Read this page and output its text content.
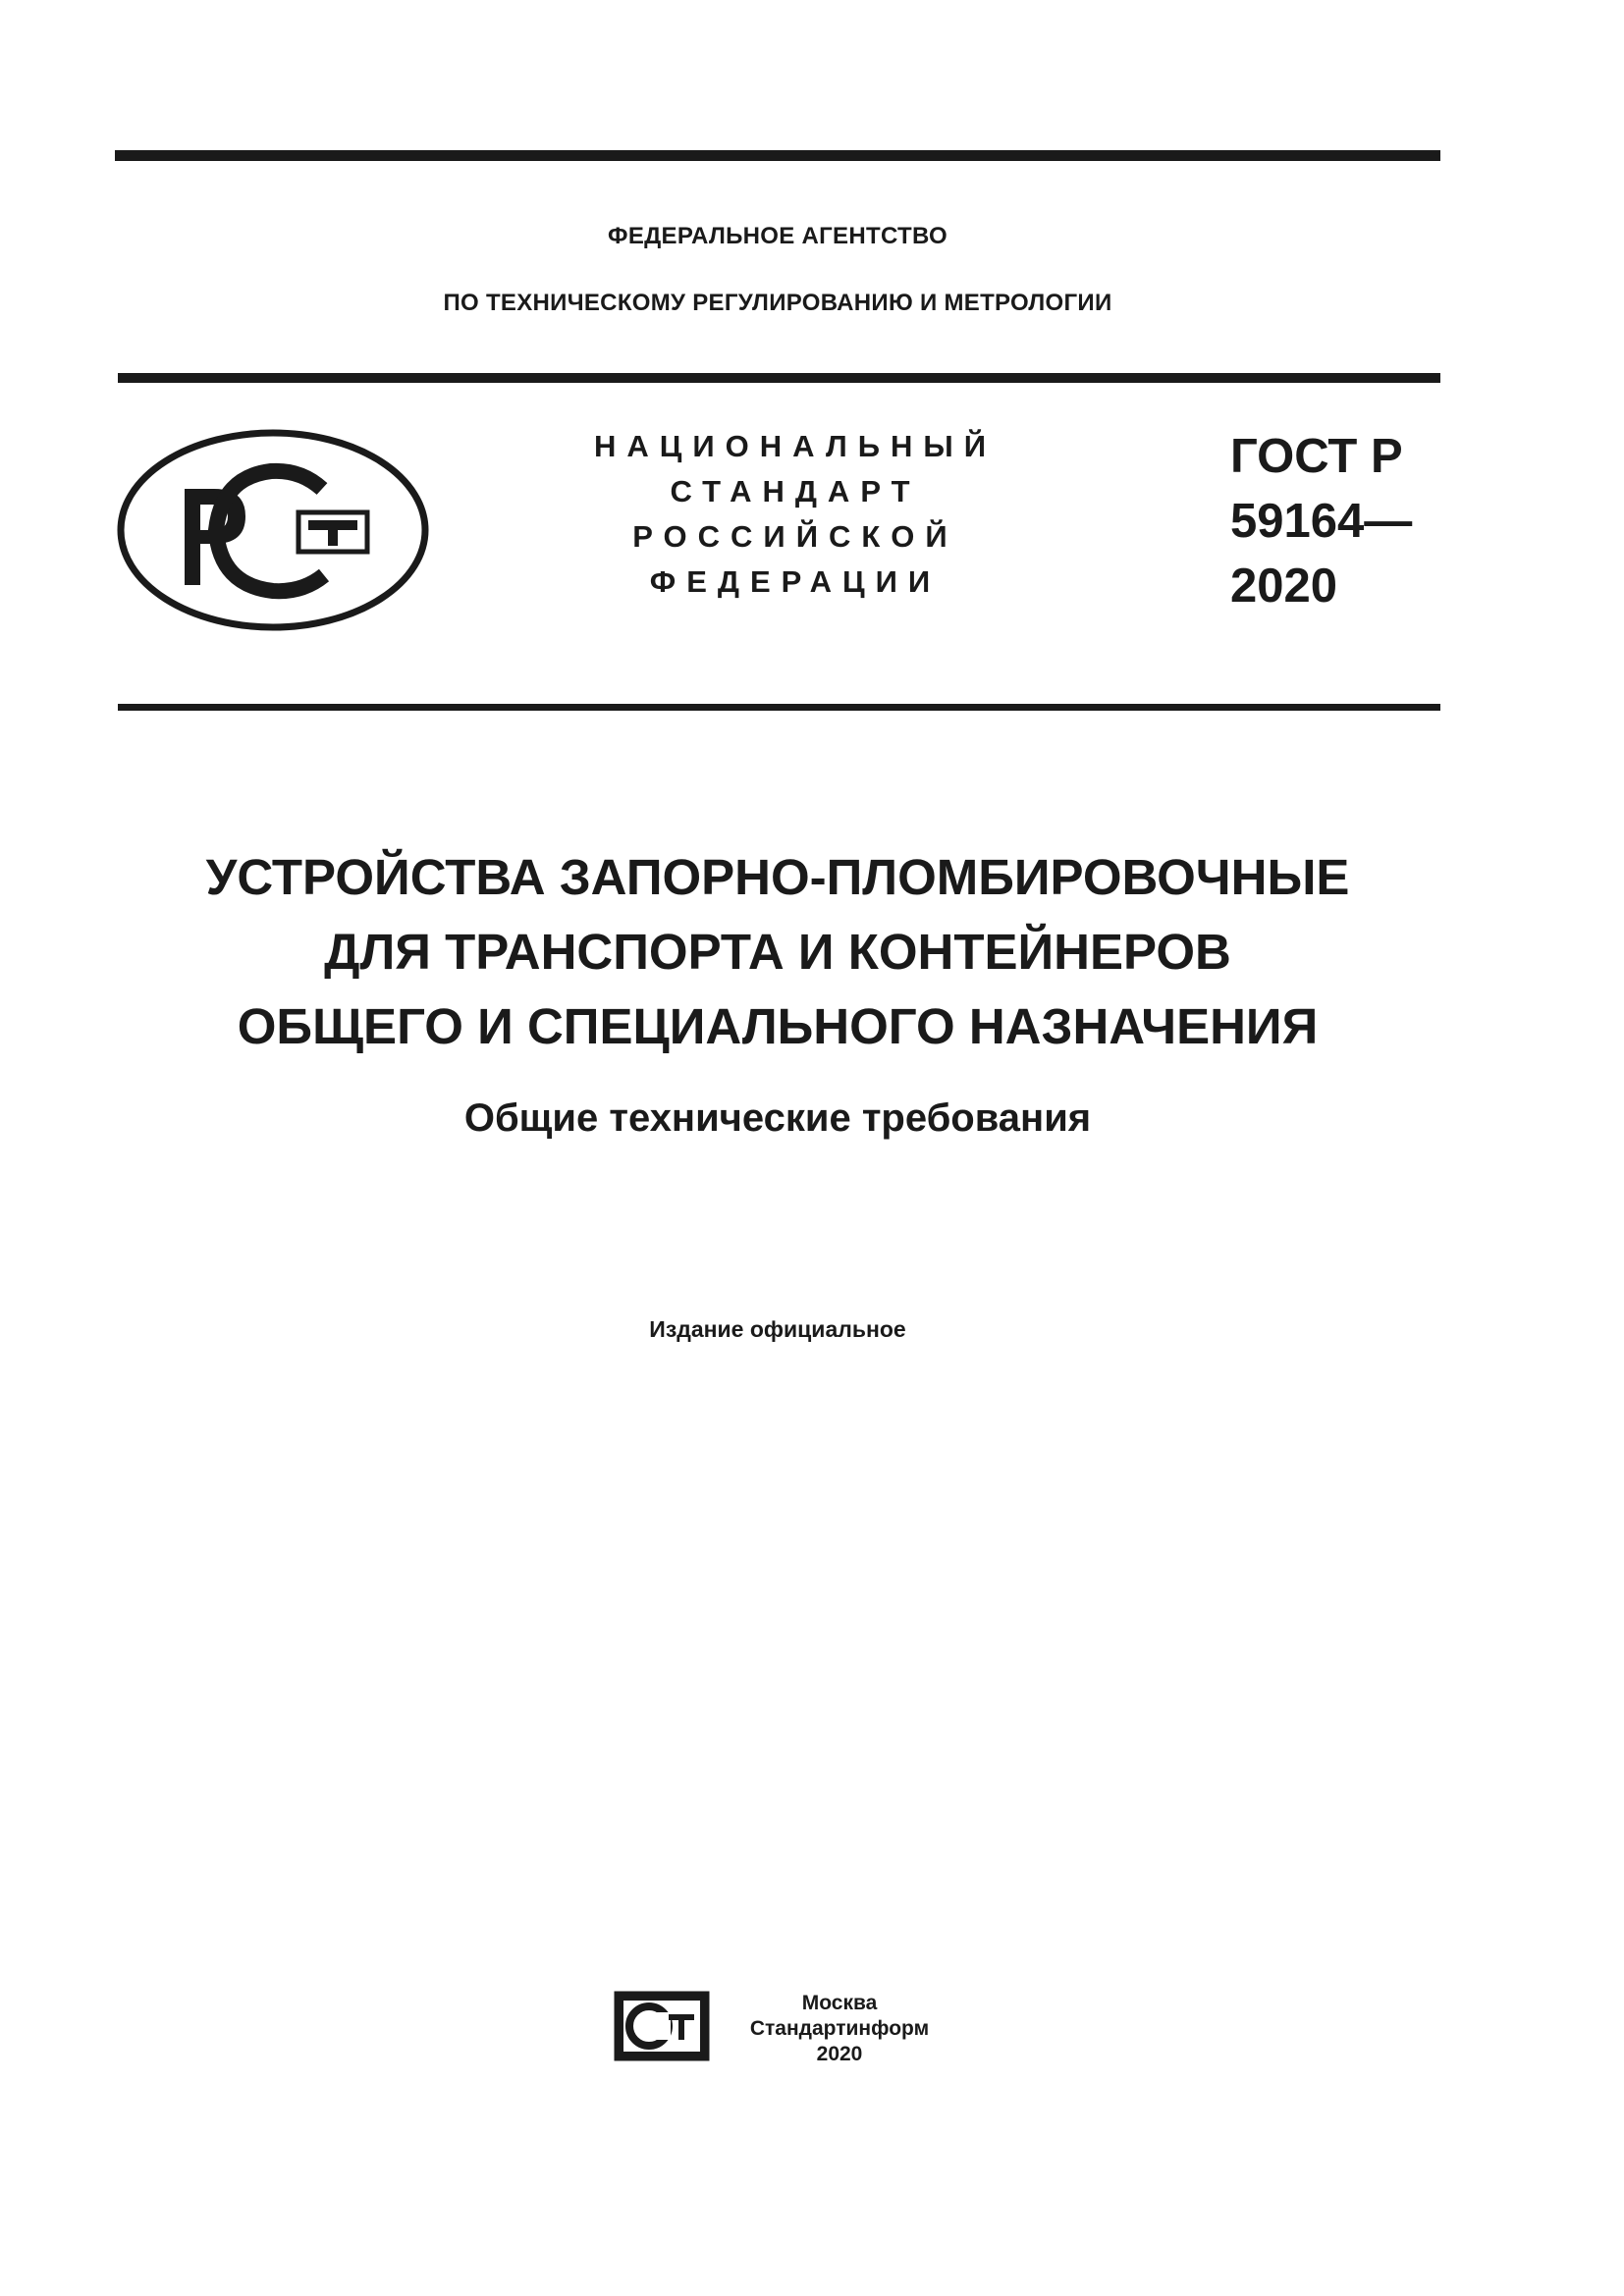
ФЕДЕРАЛЬНОЕ АГЕНТСТВО
ПО ТЕХНИЧЕСКОМУ РЕГУЛИРОВАНИЮ И МЕТРОЛОГИИ
НАЦИОНАЛЬНЫЙ
СТАНДАРТ
РОССИЙСКОЙ
ФЕДЕРАЦИИ
ГОСТ Р
59164—
2020
УСТРОЙСТВА ЗАПОРНО-ПЛОМБИРОВОЧНЫЕ
ДЛЯ ТРАНСПОРТА И КОНТЕЙНЕРОВ
ОБЩЕГО И СПЕЦИАЛЬНОГО НАЗНАЧЕНИЯ
Общие технические требования
Издание официальное
Москва
Стандартинформ
2020
